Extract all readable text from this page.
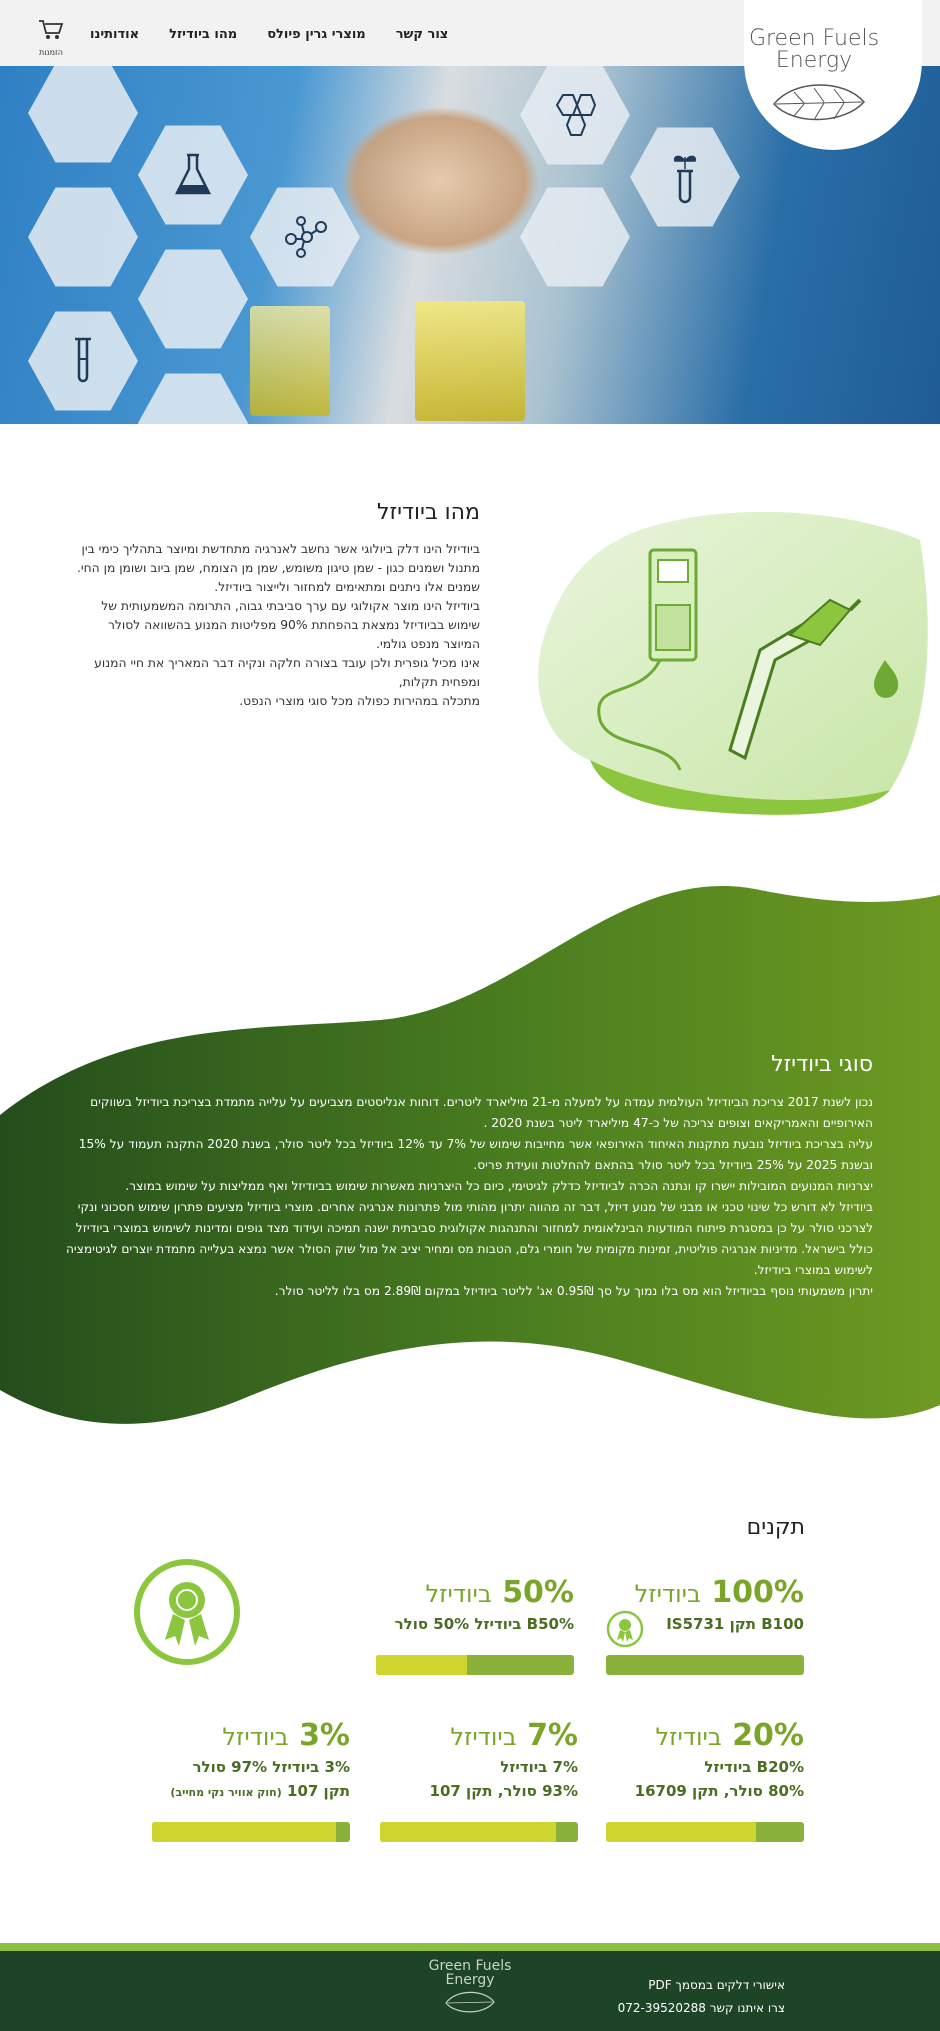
צור קשר
מוצרי גרין פיולס
מהו ביודיזל
אודותינו
הזמנות
Green Fuels
Energy
מהו ביודיזל

ביודיזל הינו דלק ביולוגי אשר נחשב לאנרגיה מתחדשת ומיוצר בתהליך כימי בין מתנול ושמנים כגון - שמן טיגון משומש, שמן מן הצומח, שמן ביוב ושומן מן החי. שמנים אלו ניתנים ומתאימים למחזור ולייצור ביודיזל.

ביודיזל הינו מוצר אקולוגי עם ערך סביבתי גבוה, התרומה המשמעותית של שימוש בביודיזל נמצאת בהפחתת 90% מפליטות המנוע בהשוואה לסולר המיוצר מנפט גולמי.

אינו מכיל גופרית ולכן עובד בצורה חלקה ונקיה דבר המאריך את חיי המנוע ומפחית תקלות,

מתכלה במהירות כפולה מכל סוגי מוצרי הנפט.

סוגי ביודיזל

נכון לשנת 2017 צריכת הביודיזל העולמית עמדה על למעלה מ-21 מיליארד ליטרים. דוחות אנליסטים מצביעים על עלייה מתמדת בצריכת ביודיזל בשווקים האירופיים והאמריקאים וצופים צריכה של כ-47 מיליארד ליטר בשנת 2020 .

עליה בצריכת ביודיזל נובעת מתקנות האיחוד האירופאי אשר מחייבות שימוש של 7% עד 12% ביודיזל בכל ליטר סולר, בשנת 2020 התקנה תעמוד על 15% ובשנת 2025 על 25% ביודיזל בכל ליטר סולר בהתאם להחלטות וועידת פריס.

יצרניות המנועים המובילות יישרו קו ונתנה הכרה לביודיזל כדלק לגיטימי, כיום כל היצרניות מאשרות שימוש בביודיזל ואף ממליצות על שימוש במוצר.

ביודיזל לא דורש כל שינוי טכני או מבני של מנוע דיזל, דבר זה מהווה יתרון מהותי מול פתרונות אנרגיה אחרים. מוצרי ביודיזל מציעים פתרון שימוש חסכוני ונקי לצרכני סולר על כן במסגרת פיתוח המודעות הבינלאומית למחזור והתנהגות אקולוגית סביבתית ישנה תמיכה ועידוד מצד גופים ומדינות לשימוש במוצרי ביודיזל כולל בישראל. מדיניות אנרגיה פוליטית, זמינות מקומית של חומרי גלם, הטבות מס ומחיר יציב אל מול שוק הסולר אשר נמצא בעלייה מתמדת יוצרים לגיטימציה לשימוש במוצרי ביודיזל.

יתרון משמעותי נוסף בביודיזל הוא מס בלו נמוך על סך 0.95₪ אג' לליטר ביודיזל במקום 2.89₪ מס בלו לליטר סולר.

תקנים
100% ביודיזל
B100 תקן IS5731
50% ביודיזל
B50% ביודיזל 50% סולר
20% ביודיזל
B20% ביודיזל
80% סולר, תקן 16709
7% ביודיזל
7% ביודיזל
93% סולר, תקן 107
3% ביודיזל
3% ביודיזל 97% סולר
תקן 107 (חוק אוויר נקי מחייב)
Green Fuels
Energy	אישורי דלקים במסמך PDF
צרו איתנו קשר 072-39520288
